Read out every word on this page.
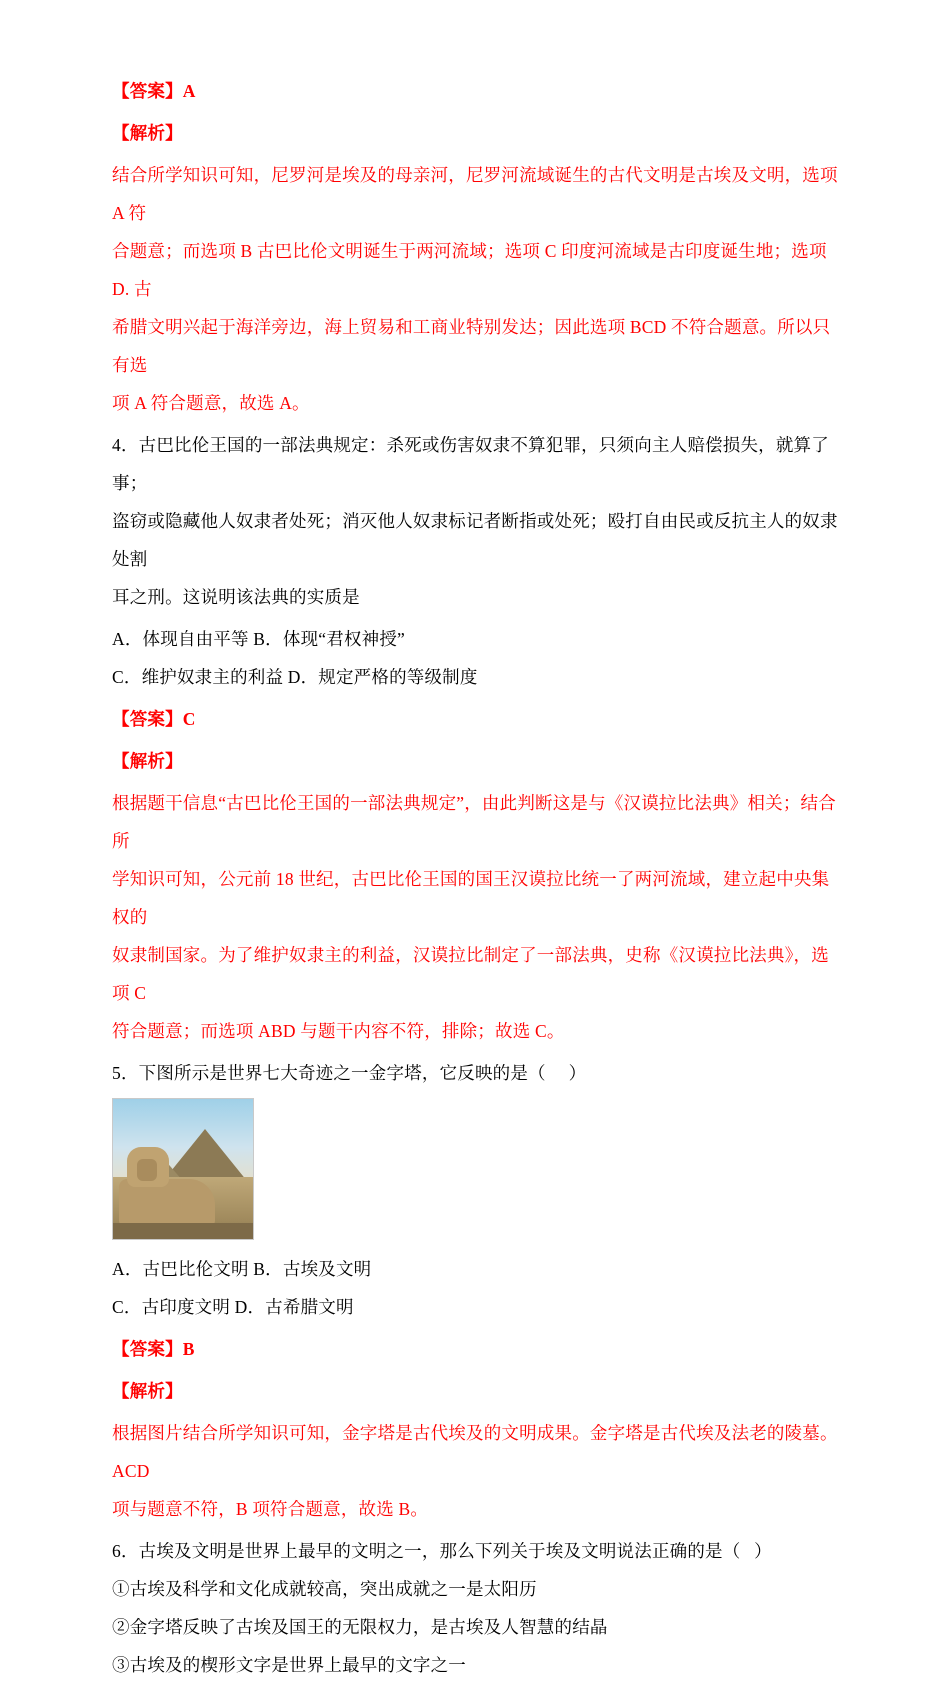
【答案】A
【解析】
结合所学知识可知，尼罗河是埃及的母亲河，尼罗河流域诞生的古代文明是古埃及文明，选项 A 符
合题意；而选项 B 古巴比伦文明诞生于两河流域；选项 C 印度河流域是古印度诞生地；选项 D. 古
希腊文明兴起于海洋旁边，海上贸易和工商业特别发达；因此选项 BCD 不符合题意。所以只有选
项 A 符合题意，故选 A。
4．古巴比伦王国的一部法典规定：杀死或伤害奴隶不算犯罪，只须向主人赔偿损失，就算了事；
盗窃或隐藏他人奴隶者处死；消灭他人奴隶标记者断指或处死；殴打自由民或反抗主人的奴隶处割
耳之刑。这说明该法典的实质是
A．体现自由平等 B．体现“君权神授”
C．维护奴隶主的利益 D．规定严格的等级制度
【答案】C
【解析】
根据题干信息“古巴比伦王国的一部法典规定”，由此判断这是与《汉谟拉比法典》相关；结合所
学知识可知，公元前 18 世纪，古巴比伦王国的国王汉谟拉比统一了两河流域，建立起中央集权的
奴隶制国家。为了维护奴隶主的利益，汉谟拉比制定了一部法典，史称《汉谟拉比法典》，选项 C
符合题意；而选项 ABD 与题干内容不符，排除；故选 C。
5．下图所示是世界七大奇迹之一金字塔，它反映的是（     ）
A．古巴比伦文明 B．古埃及文明
C．古印度文明 D．古希腊文明
【答案】B
【解析】
根据图片结合所学知识可知，金字塔是古代埃及的文明成果。金字塔是古代埃及法老的陵墓。ACD
项与题意不符，B 项符合题意，故选 B。
6．古埃及文明是世界上最早的文明之一，那么下列关于埃及文明说法正确的是（   ）
①古埃及科学和文化成就较高，突出成就之一是太阳历
②金字塔反映了古埃及国王的无限权力，是古埃及人智慧的结晶
③古埃及的楔形文字是世界上最早的文字之一
